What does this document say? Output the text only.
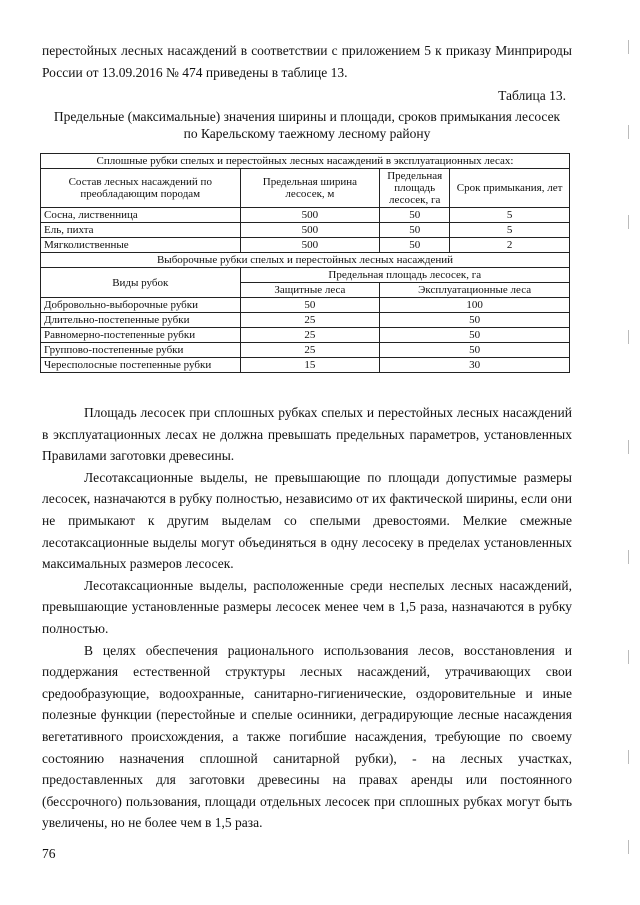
перестойных лесных насаждений в соответствии с приложением 5 к приказу Минприроды России от 13.09.2016 № 474 приведены в таблице 13.

Таблица 13.
Предельные (максимальные) значения ширины и площади, сроков примыкания лесосек
по Карельскому таежному лесному району
Сплошные рубки спелых и перестойных лесных насаждений в эксплуатационных лесах:			
Состав лесных насаждений по преобладающим породам	Предельная ширина лесосек, м	Предельная площадь лесосек, га	Срок примыкания, лет
Сосна, лиственница	500	50	5
Ель, пихта	500	50	5
Мягколиственные	500	50	2
Выборочные рубки спелых и перестойных лесных насаждений			
Виды рубок	Предельная площадь лесосек, га		
	Защитные леса	Эксплуатационные леса	
Добровольно-выборочные рубки	50	100	
Длительно-постепенные рубки	25	50	
Равномерно-постепенные рубки	25	50	
Группово-постепенные рубки	25	50	
Чересполосные постепенные рубки	15	30	

Площадь лесосек при сплошных рубках спелых и перестойных лесных насаждений в эксплуатационных лесах не должна превышать предельных параметров, установленных Правилами заготовки древесины.

Лесотаксационные выделы, не превышающие по площади допустимые размеры лесосек, назначаются в рубку полностью, независимо от их фактической ширины, если они не примыкают к другим выделам со спелыми древостоями. Мелкие смежные лесотаксационные выделы могут объединяться в одну лесосеку в пределах установленных максимальных размеров лесосек.

Лесотаксационные выделы, расположенные среди неспелых лесных насаждений, превышающие установленные размеры лесосек менее чем в 1,5 раза, назначаются в рубку полностью.

В целях обеспечения рационального использования лесов, восстановления и поддержания естественной структуры лесных насаждений, утрачивающих свои средообразующие, водоохранные, санитарно-гигиенические, оздоровительные и иные полезные функции (перестойные и спелые осинники, деградирующие лесные насаждения вегетативного происхождения, а также погибшие насаждения, требующие по своему состоянию назначения сплошной санитарной рубки), - на лесных участках, предоставленных для заготовки древесины на правах аренды или постоянного (бессрочного) пользования, площади отдельных лесосек при сплошных рубках могут быть увеличены, но не более чем в 1,5 раза.

76
